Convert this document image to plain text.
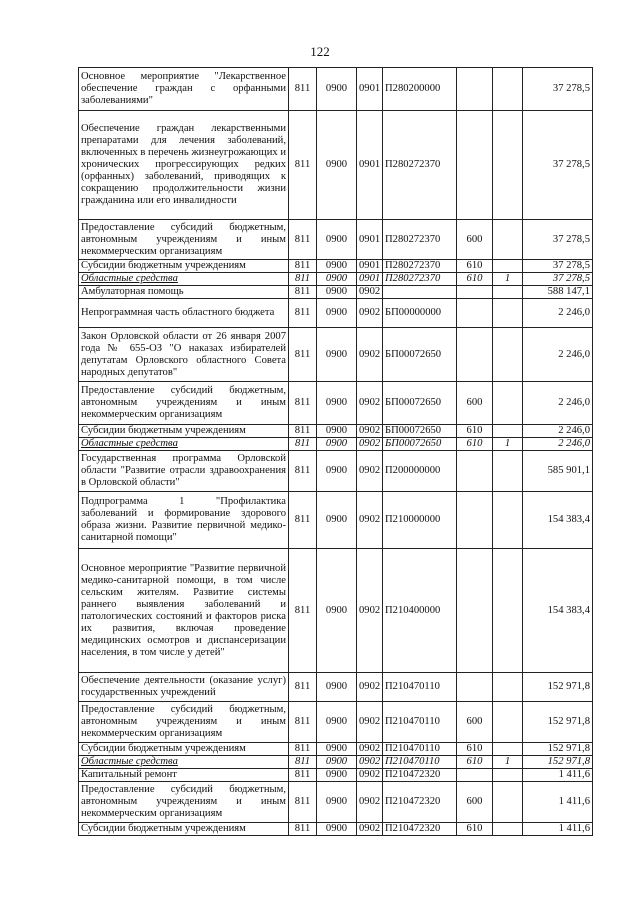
122
Основное мероприятие "Лекарственное обеспечение граждан с орфанными заболеваниями"	811	0900	0901	П280200000			37 278,5
Обеспечение граждан лекарственными препаратами для лечения заболеваний, включенных в перечень жизнеугрожающих и хронических прогрессирующих редких (орфанных) заболеваний, приводящих к сокращению продолжительности жизни гражданина или его инвалидности	811	0900	0901	П280272370			37 278,5
Предоставление субсидий бюджетным, автономным учреждениям и иным некоммерческим организациям	811	0900	0901	П280272370	600		37 278,5
Субсидии бюджетным учреждениям	811	0900	0901	П280272370	610		37 278,5
Областные средства	811	0900	0901	П280272370	610	1	37 278,5
Амбулаторная помощь	811	0900	0902				588 147,1
Непрограммная часть областного бюджета	811	0900	0902	БП00000000			2 246,0
Закон Орловской области от 26 января 2007 года № 655-ОЗ "О наказах избирателей депутатам Орловского областного Совета народных депутатов"	811	0900	0902	БП00072650			2 246,0
Предоставление субсидий бюджетным, автономным учреждениям и иным некоммерческим организациям	811	0900	0902	БП00072650	600		2 246,0
Субсидии бюджетным учреждениям	811	0900	0902	БП00072650	610		2 246,0
Областные средства	811	0900	0902	БП00072650	610	1	2 246,0
Государственная программа Орловской области "Развитие отрасли здравоохранения в Орловской области"	811	0900	0902	П200000000			585 901,1
Подпрограмма 1 "Профилактика заболеваний и формирование здорового образа жизни. Развитие первичной медико-санитарной помощи"	811	0900	0902	П210000000			154 383,4
Основное мероприятие "Развитие первичной медико-санитарной помощи, в том числе сельским жителям. Развитие системы раннего выявления заболеваний и патологических состояний и факторов риска их развития, включая проведение медицинских осмотров и диспансеризации населения, в том числе у детей"	811	0900	0902	П210400000			154 383,4
Обеспечение деятельности (оказание услуг) государственных учреждений	811	0900	0902	П210470110			152 971,8
Предоставление субсидий бюджетным, автономным учреждениям и иным некоммерческим организациям	811	0900	0902	П210470110	600		152 971,8
Субсидии бюджетным учреждениям	811	0900	0902	П210470110	610		152 971,8
Областные средства	811	0900	0902	П210470110	610	1	152 971,8
Капитальный ремонт	811	0900	0902	П210472320			1 411,6
Предоставление субсидий бюджетным, автономным учреждениям и иным некоммерческим организациям	811	0900	0902	П210472320	600		1 411,6
Субсидии бюджетным учреждениям	811	0900	0902	П210472320	610		1 411,6
